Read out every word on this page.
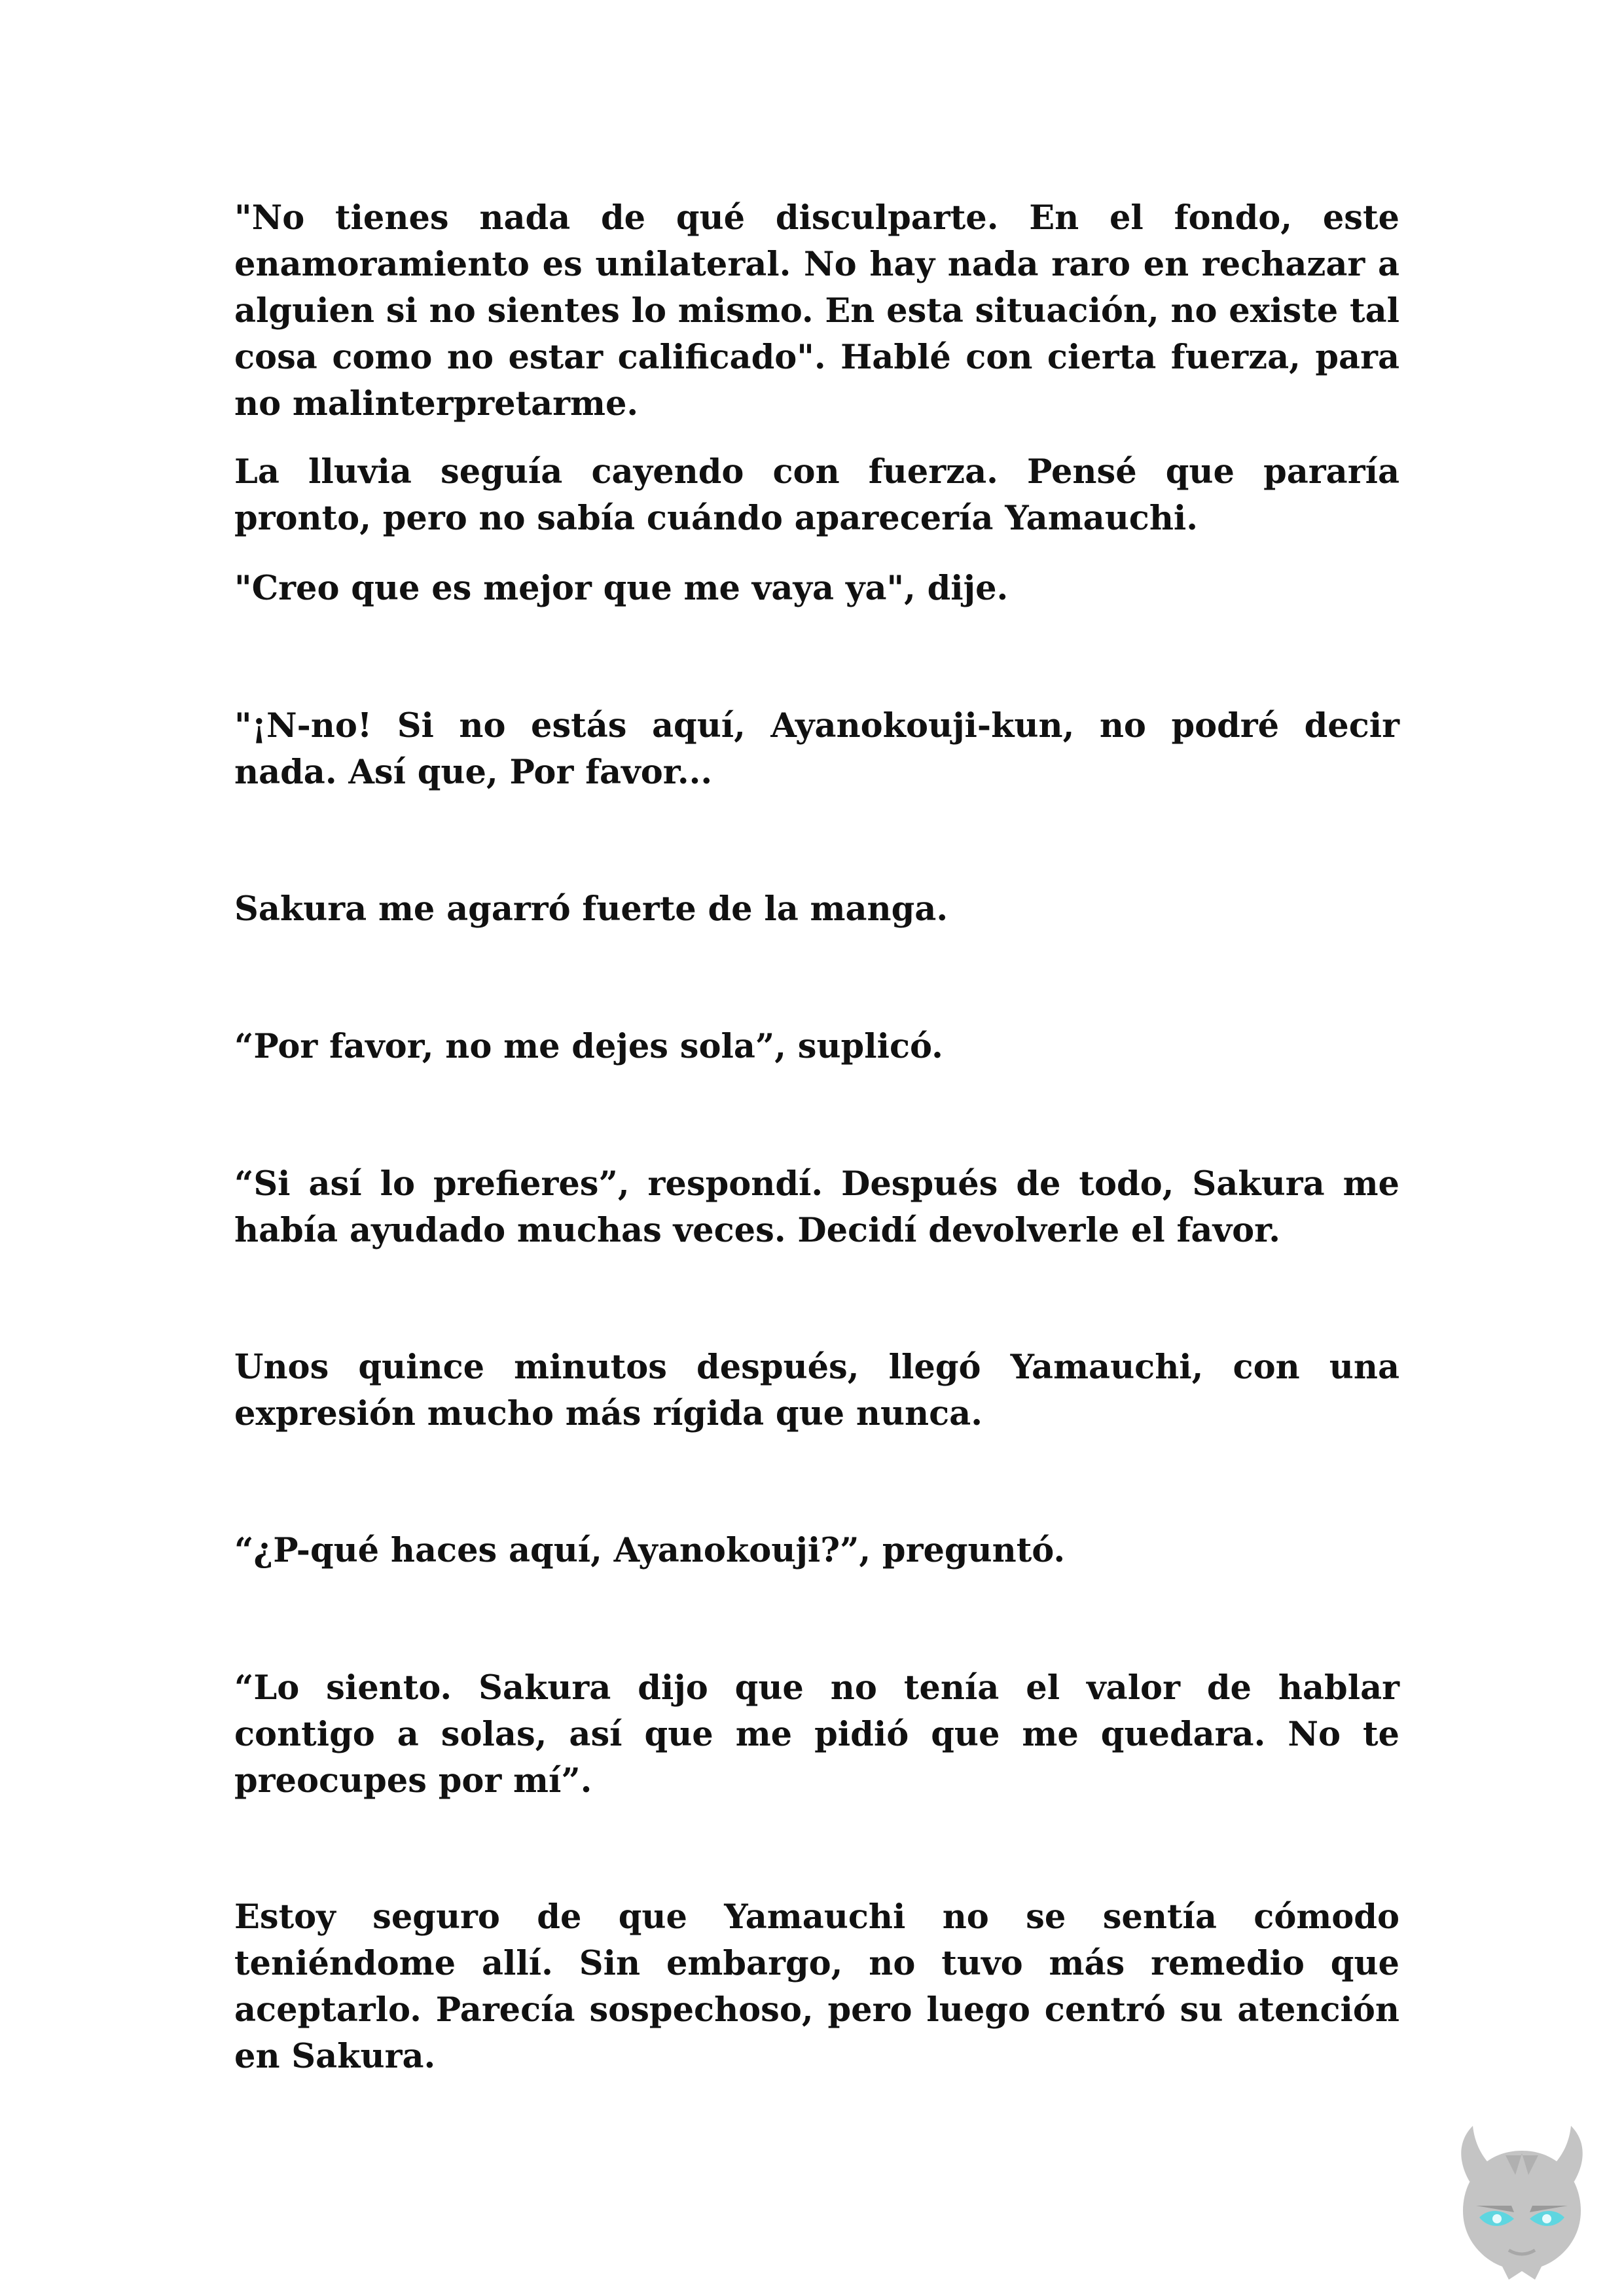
"No tienes nada de qué disculparte. En el fondo, este enamoramiento es unilateral. No hay nada raro en rechazar a alguien si no sientes lo mismo. En esta situación, no existe tal cosa como no estar calificado". Hablé con cierta fuerza, para no malinterpretarme.

La lluvia seguía cayendo con fuerza. Pensé que pararía pronto, pero no sabía cuándo aparecería Yamauchi.

"Creo que es mejor que me vaya ya", dije.

"¡N-no! Si no estás aquí, Ayanokouji-kun, no podré decir nada. Así que, Por favor...

Sakura me agarró fuerte de la manga.

“Por favor, no me dejes sola”, suplicó.

“Si así lo prefieres”, respondí. Después de todo, Sakura me había ayudado muchas veces. Decidí devolverle el favor.

Unos quince minutos después, llegó Yamauchi, con una expresión mucho más rígida que nunca.

“¿P-qué haces aquí, Ayanokouji?”, preguntó.

“Lo siento. Sakura dijo que no tenía el valor de hablar contigo a solas, así que me pidió que me quedara. No te preocupes por mí”.

Estoy seguro de que Yamauchi no se sentía cómodo teniéndome allí. Sin embargo, no tuvo más remedio que aceptarlo. Parecía sospechoso, pero luego centró su atención en Sakura.
